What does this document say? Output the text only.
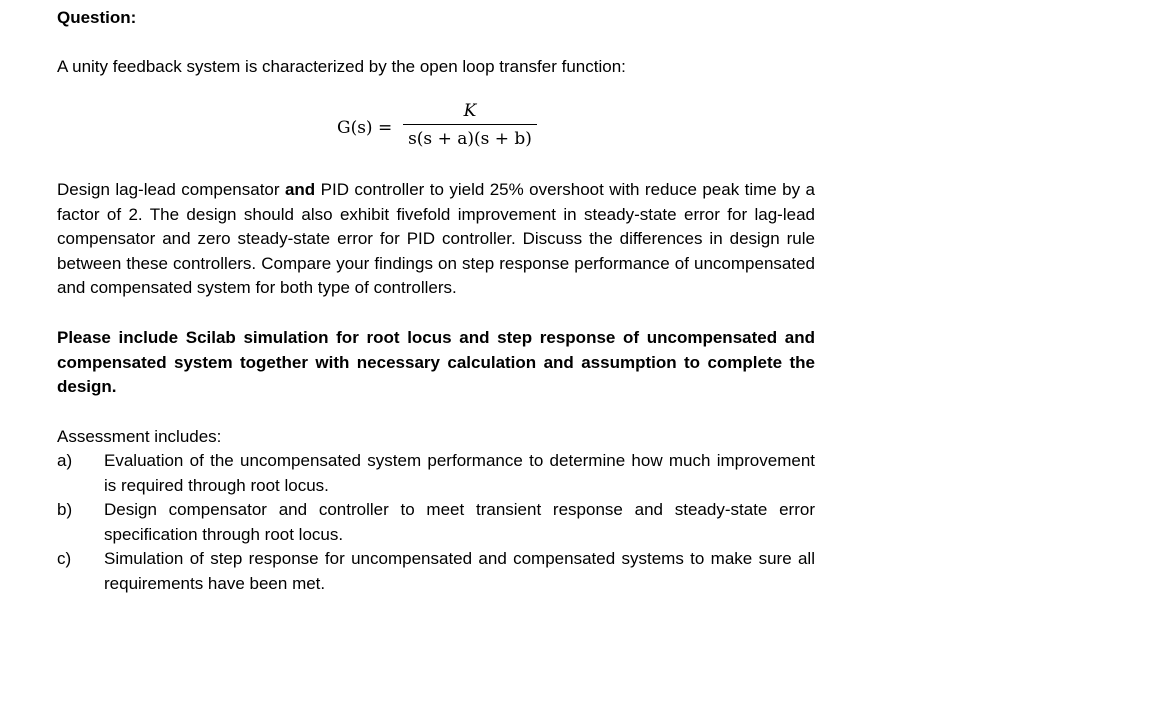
Question:
A unity feedback system is characterized by the open loop transfer function:
G(s) =
K
s(s + a)(s + b)
Design lag-lead compensator and PID controller to yield 25% overshoot with reduce peak time by a factor of 2. The design should also exhibit fivefold improvement in steady-state error for lag-lead compensator and zero steady-state error for PID controller. Discuss the differences in design rule between these controllers. Compare your findings on step response performance of uncompensated and compensated system for both type of controllers.
Please include Scilab simulation for root locus and step response of uncompensated and compensated system together with necessary calculation and assumption to complete the design.
Assessment includes:
a) Evaluation of the uncompensated system performance to determine how much improvement is required through root locus.
b) Design compensator and controller to meet transient response and steady-state error specification through root locus.
c) Simulation of step response for uncompensated and compensated systems to make sure all requirements have been met.
